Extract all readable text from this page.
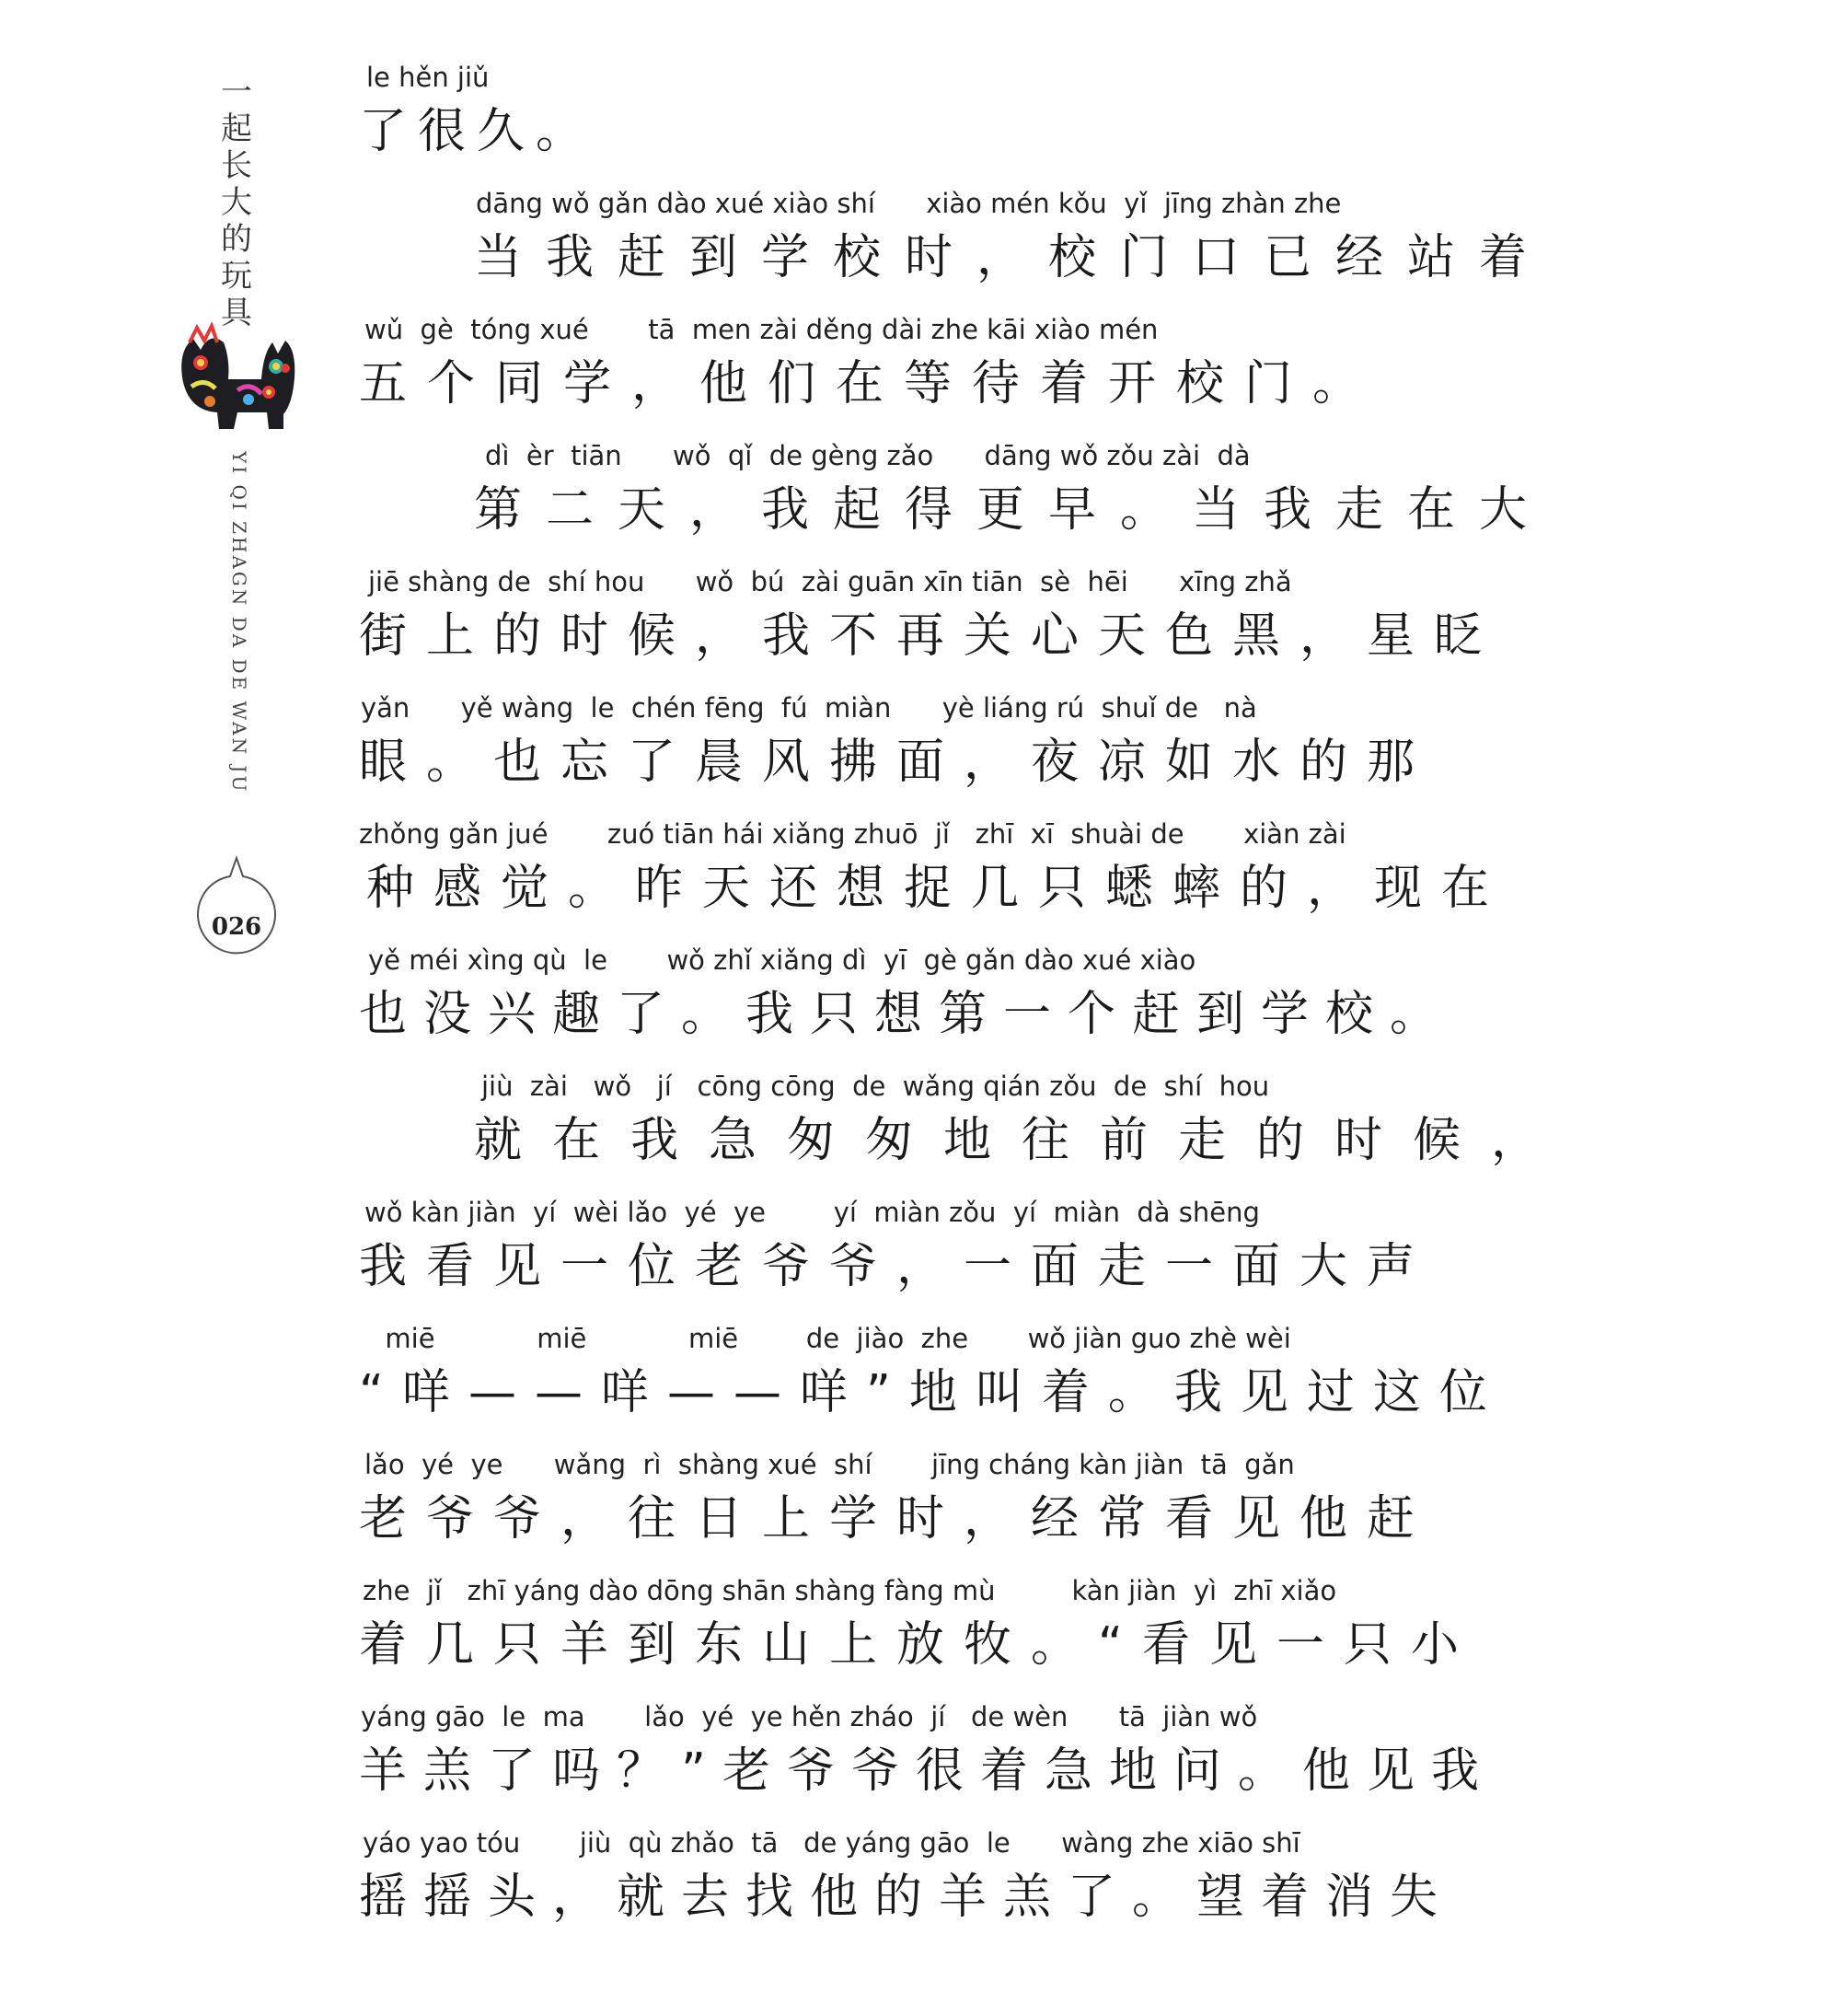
一起长大的玩具
YI QI ZHAGN DA DE WAN JU
026
le hěn jiǔ
了很久。
dāng wǒ gǎn dào xué xiào shí      xiào mén kǒu  yǐ  jīng zhàn zhe
当我赶到学校时，校门口已经站着
wǔ  gè  tóng xué       tā  men zài děng dài zhe kāi xiào mén
五个同学，他们在等待着开校门。
dì  èr  tiān      wǒ  qǐ  de gèng zǎo      dāng wǒ zǒu zài  dà
第二天，我起得更早。当我走在大
jiē shàng de  shí hou      wǒ  bú  zài guān xīn tiān  sè  hēi      xīng zhǎ
街上的时候，我不再关心天色黑，星眨
yǎn      yě wàng  le  chén fēng  fú  miàn      yè liáng rú  shuǐ de   nà
眼。也忘了晨风拂面，夜凉如水的那
zhǒng gǎn jué       zuó tiān hái xiǎng zhuō  jǐ   zhī  xī  shuài de       xiàn zài
种感觉。昨天还想捉几只蟋蟀的，现在
yě méi xìng qù  le       wǒ zhǐ xiǎng dì  yī  gè gǎn dào xué xiào
也没兴趣了。我只想第一个赶到学校。
jiù  zài   wǒ   jí   cōng cōng  de  wǎng qián zǒu  de  shí  hou
就在我急匆匆地往前走的时候，
wǒ kàn jiàn  yí  wèi lǎo  yé  ye        yí  miàn zǒu  yí  miàn  dà shēng
我看见一位老爷爷，一面走一面大声
miē            miē            miē        de  jiào  zhe       wǒ jiàn guo zhè wèi
“咩——咩——咩”地叫着。我见过这位
lǎo  yé  ye      wǎng  rì  shàng xué  shí       jīng cháng kàn jiàn  tā  gǎn
老爷爷，往日上学时，经常看见他赶
zhe  jǐ   zhī yáng dào dōng shān shàng fàng mù         kàn jiàn  yì  zhī xiǎo
着几只羊到东山上放牧。“看见一只小
yáng gāo  le  ma       lǎo  yé  ye hěn zháo  jí   de wèn      tā  jiàn wǒ
羊羔了吗？”老爷爷很着急地问。他见我
yáo yao tóu       jiù  qù zhǎo  tā   de yáng gāo  le      wàng zhe xiāo shī
摇摇头，就去找他的羊羔了。望着消失
